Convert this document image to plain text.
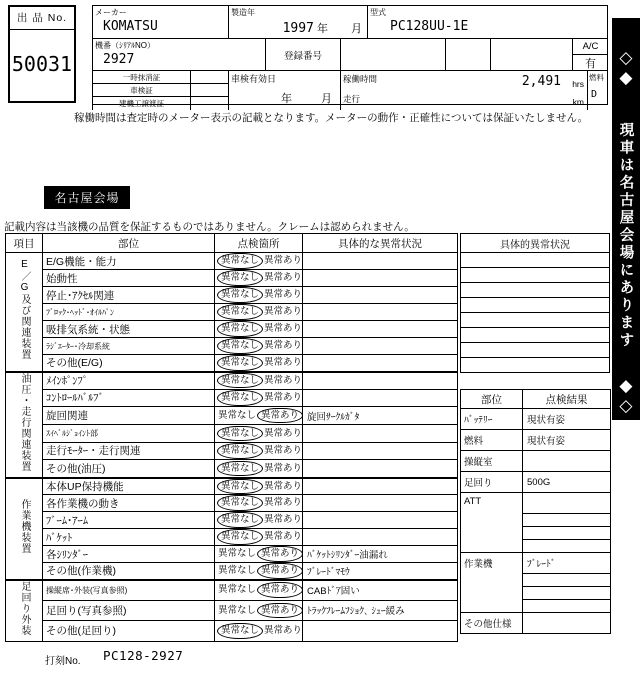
出 品 No.
50031
メーカー
KOMATSU
製造年
1997 年 月
型式
PC128UU-1E
機番（ｼﾘｱﾙNO）
2927	登録番号
A/C
有
一時抹消証
車検証
建機工譲渡証
車検有効日
年	月
稼働時間	2,491 hrs
走行	km
燃料
D
◇◆
現車は名古屋会場にあります
◆◇
稼働時間は査定時のメーター表示の記載となります。メーターの動作・正確性については保証いたしません。
名古屋会場
記載内容は当該機の品質を保証するものではありません。クレームは認められません。
項目	部位	点検箇所	具体的な異常状況
E／G及び関連装置	E/G機能・能力	異常なし 異常あり	

	始動性	異常なし 異常あり	

	停止･ｱｸｾﾙ関連	異常なし 異常あり	

	ﾌﾞﾛｯｸ･ﾍｯﾄﾞ･ｵｲﾙﾊﾟﾝ	異常なし 異常あり	

	吸排気系統・状態	異常なし 異常あり	

	ﾗｼﾞｴｰﾀｰ･冷却系統	異常なし 異常あり	

	その他(E/G)	異常なし 異常あり	

油圧・走行関連装置	ﾒｲﾝﾎﾟﾝﾌﾟ	異常なし 異常あり	

	ｺﾝﾄﾛｰﾙﾊﾞﾙﾌﾞ	異常なし 異常あり	

	旋回関連	異常なし 異常あり	旋回ｻｰｸﾙｶﾞﾀ
	ｽｲﾍﾞﾙｼﾞｮｲﾝﾄ部	異常なし 異常あり	

	走行ﾓｰﾀｰ・走行関連	異常なし 異常あり	

	その他(油圧)	異常なし 異常あり	

作業機装置	本体UP保持機能	異常なし 異常あり	

	各作業機の動き	異常なし 異常あり	

	ﾌﾞｰﾑ･ｱｰﾑ	異常なし 異常あり	

	ﾊﾞｹｯﾄ	異常なし 異常あり	

	各ｼﾘﾝﾀﾞｰ	異常なし 異常あり	ﾊﾞｹｯﾄｼﾘﾝﾀﾞｰ油漏れ
	その他(作業機)	異常なし 異常あり	ﾌﾞﾚｰﾄﾞﾏﾓｳ
足回り外装	操縦席･外装(写真参照)	異常なし 異常あり	CABﾄﾞｱ固い
	足回り(写真参照)	異常なし 異常あり	ﾄﾗｯｸﾌﾚｰﾑﾌｼｮｸ､ ｼｭｰ緩み
	その他(足回り)	異常なし 異常あり	

具体的異常状況

部位	点検結果
ﾊﾞｯﾃﾘｰ	現状有姿
燃料	現状有姿
操縦室	
足回り	500G
ATT	

作業機	ﾌﾞﾚｰﾄﾞ

その他仕様	
打刻No. PC128-2927
